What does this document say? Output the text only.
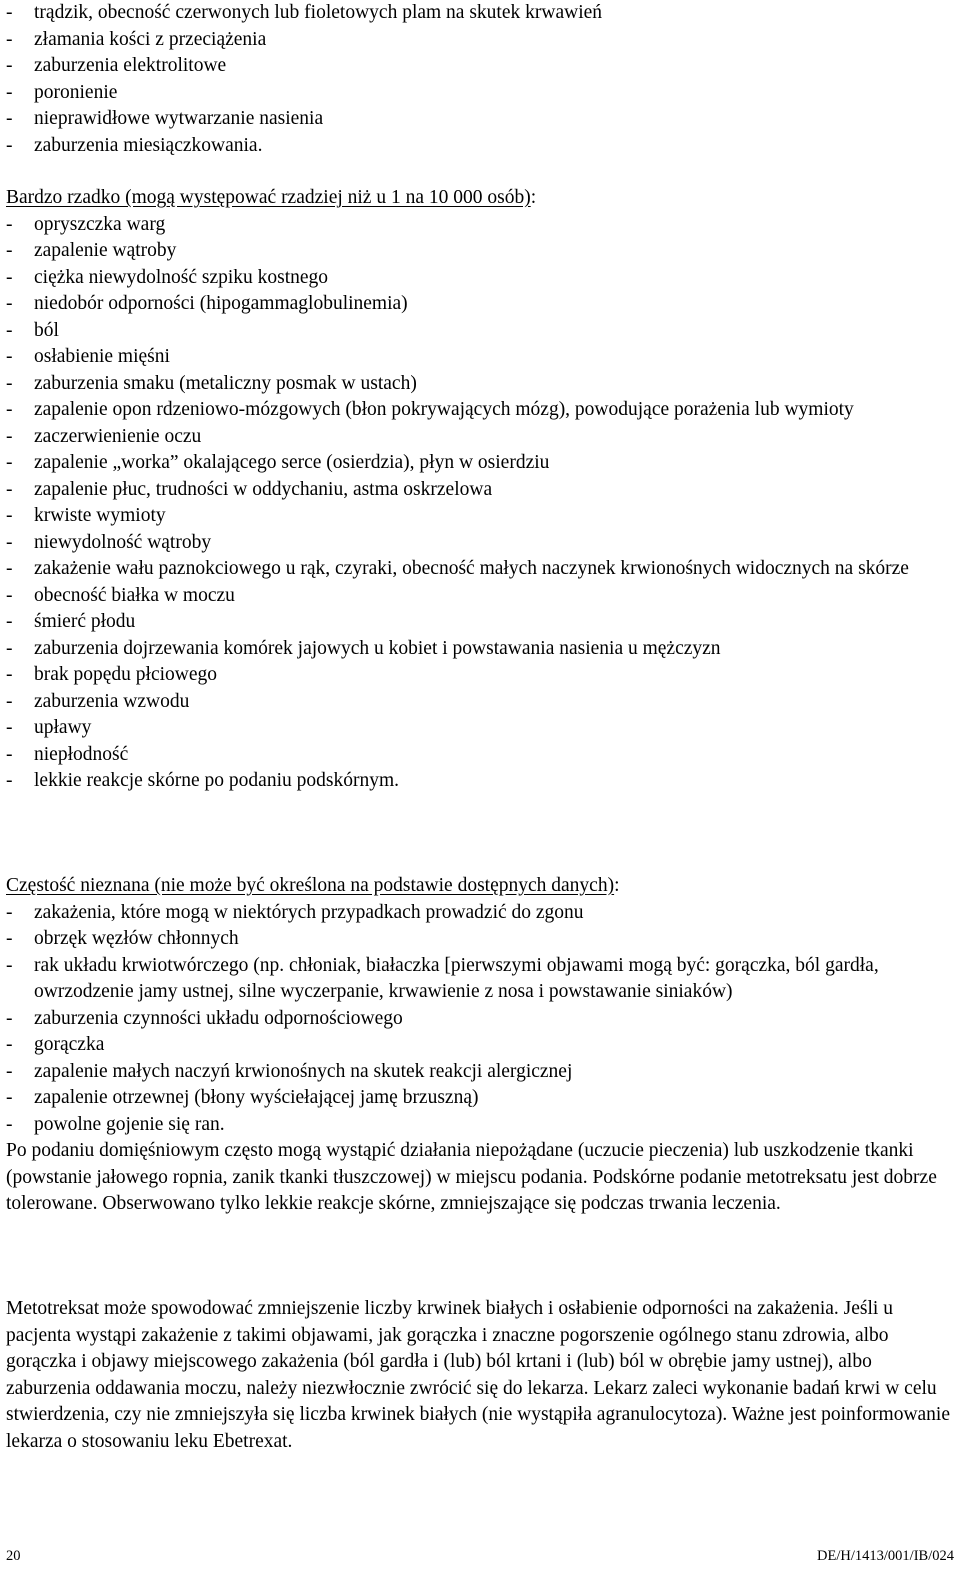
- trądzik, obecność czerwonych lub fioletowych plam na skutek krwawień
- złamania kości z przeciążenia
- zaburzenia elektrolitowe
- poronienie
- nieprawidłowe wytwarzanie nasienia
- zaburzenia miesiączkowania.
Bardzo rzadko (mogą występować rzadziej niż u 1 na 10 000 osób):
- opryszczka warg
- zapalenie wątroby
- ciężka niewydolność szpiku kostnego
- niedobór odporności (hipogammaglobulinemia)
- ból
- osłabienie mięśni
- zaburzenia smaku (metaliczny posmak w ustach)
- zapalenie opon rdzeniowo-mózgowych (błon pokrywających mózg), powodujące porażenia lub wymioty
- zaczerwienienie oczu
- zapalenie „worka” okalającego serce (osierdzia), płyn w osierdziu
- zapalenie płuc, trudności w oddychaniu, astma oskrzelowa
- krwiste wymioty
- niewydolność wątroby
- zakażenie wału paznokciowego u rąk, czyraki, obecność małych naczynek krwionośnych widocznych na skórze
- obecność białka w moczu
- śmierć płodu
- zaburzenia dojrzewania komórek jajowych u kobiet i powstawania nasienia u mężczyzn
- brak popędu płciowego
- zaburzenia wzwodu
- upławy
- niepłodność
- lekkie reakcje skórne po podaniu podskórnym.
Częstość nieznana (nie może być określona na podstawie dostępnych danych):
- zakażenia, które mogą w niektórych przypadkach prowadzić do zgonu
- obrzęk węzłów chłonnych
- rak układu krwiotwórczego (np. chłoniak, białaczka [pierwszymi objawami mogą być: gorączka, ból gardła, owrzodzenie jamy ustnej, silne wyczerpanie, krwawienie z nosa i powstawanie siniaków)
- zaburzenia czynności układu odpornościowego
- gorączka
- zapalenie małych naczyń krwionośnych na skutek reakcji alergicznej
- zapalenie otrzewnej (błony wyściełającej jamę brzuszną)
- powolne gojenie się ran.

Po podaniu domięśniowym często mogą wystąpić działania niepożądane (uczucie pieczenia) lub uszkodzenie tkanki (powstanie jałowego ropnia, zanik tkanki tłuszczowej) w miejscu podania. Podskórne podanie metotreksatu jest dobrze tolerowane. Obserwowano tylko lekkie reakcje skórne, zmniejszające się podczas trwania leczenia.

Metotreksat może spowodować zmniejszenie liczby krwinek białych i osłabienie odporności na zakażenia. Jeśli u pacjenta wystąpi zakażenie z takimi objawami, jak gorączka i znaczne pogorszenie ogólnego stanu zdrowia, albo gorączka i objawy miejscowego zakażenia (ból gardła i (lub) ból krtani i (lub) ból w obrębie jamy ustnej), albo zaburzenia oddawania moczu, należy niezwłocznie zwrócić się do lekarza. Lekarz zaleci wykonanie badań krwi w celu stwierdzenia, czy nie zmniejszyła się liczba krwinek białych (nie wystąpiła agranulocytoza). Ważne jest poinformowanie lekarza o stosowaniu leku Ebetrexat.

20	DE/H/1413/001/IB/024
